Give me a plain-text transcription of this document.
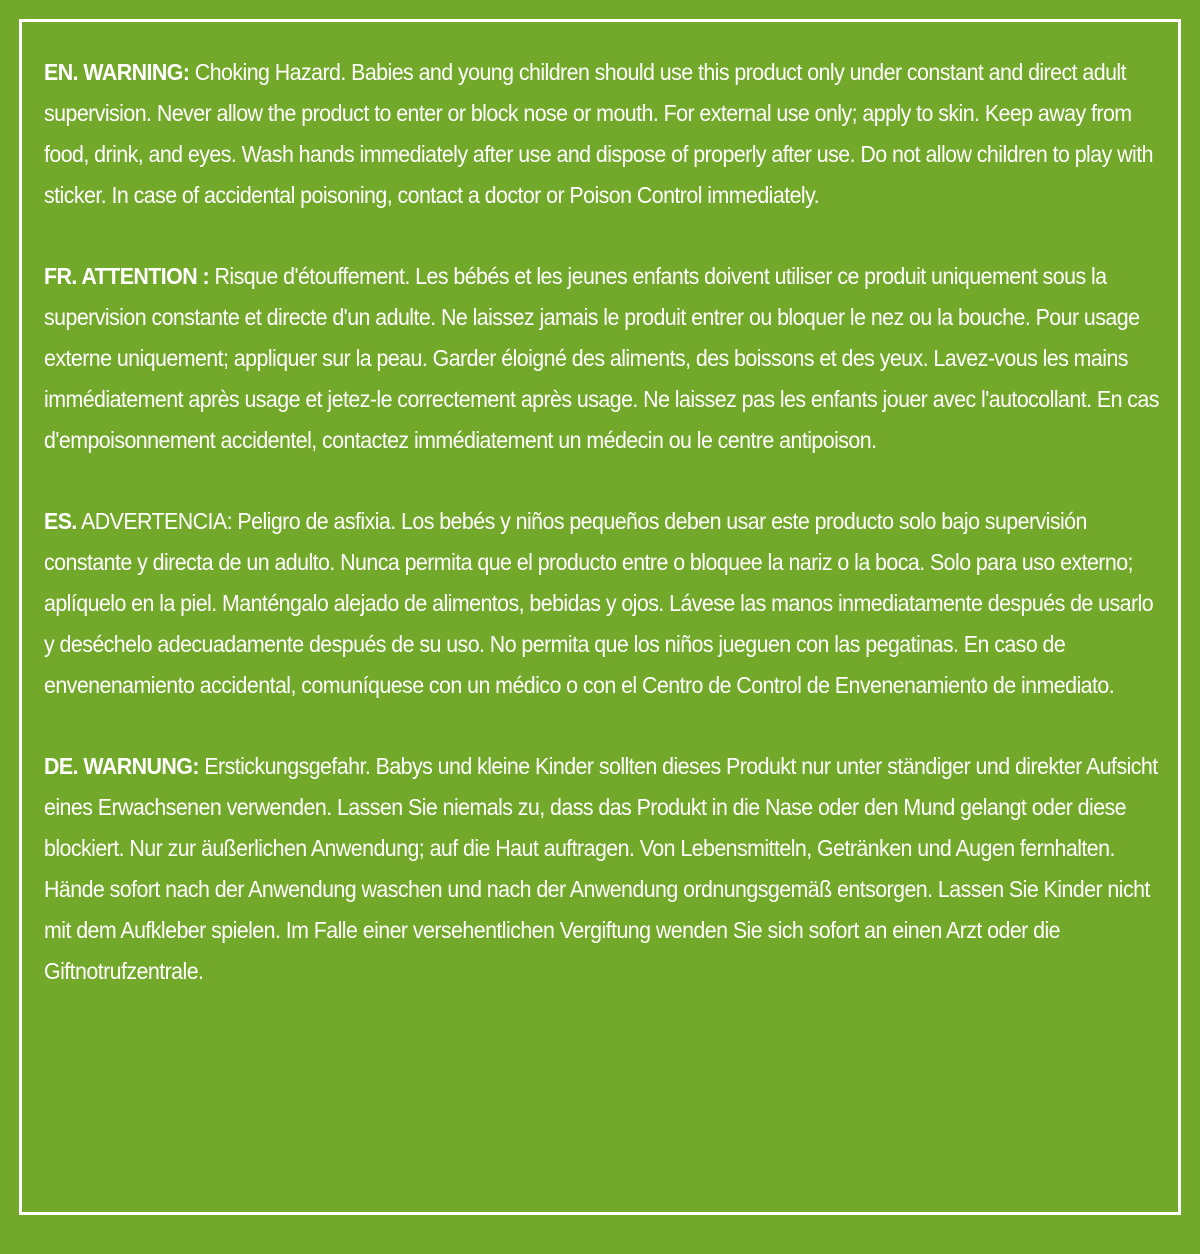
EN. WARNING: Choking Hazard. Babies and young children should use this product only under constant and direct adult supervision. Never allow the product to enter or block nose or mouth. For external use only; apply to skin. Keep away from food, drink, and eyes. Wash hands immediately after use and dispose of properly after use. Do not allow children to play with sticker. In case of accidental poisoning, contact a doctor or Poison Control immediately.

FR. ATTENTION : Risque d'étouffement. Les bébés et les jeunes enfants doivent utiliser ce produit uniquement sous la supervision constante et directe d'un adulte. Ne laissez jamais le produit entrer ou bloquer le nez ou la bouche. Pour usage externe uniquement; appliquer sur la peau. Garder éloigné des aliments, des boissons et des yeux. Lavez-vous les mains immédiatement après usage et jetez-le correctement après usage. Ne laissez pas les enfants jouer avec l'autocollant. En cas d'empoisonnement accidentel, contactez immédiatement un médecin ou le centre antipoison.

ES. ADVERTENCIA: Peligro de asfixia. Los bebés y niños pequeños deben usar este producto solo bajo supervisión constante y directa de un adulto. Nunca permita que el producto entre o bloquee la nariz o la boca. Solo para uso externo; aplíquelo en la piel. Manténgalo alejado de alimentos, bebidas y ojos. Lávese las manos inmediatamente después de usarlo y deséchelo adecuadamente después de su uso. No permita que los niños jueguen con las pegatinas. En caso de envenenamiento accidental, comuníquese con un médico o con el Centro de Control de Envenenamiento de inmediato.

DE. WARNUNG: Erstickungsgefahr. Babys und kleine Kinder sollten dieses Produkt nur unter ständiger und direkter Aufsicht eines Erwachsenen verwenden. Lassen Sie niemals zu, dass das Produkt in die Nase oder den Mund gelangt oder diese blockiert. Nur zur äußerlichen Anwendung; auf die Haut auftragen. Von Lebensmitteln, Getränken und Augen fernhalten. Hände sofort nach der Anwendung waschen und nach der Anwendung ordnungsgemäß entsorgen. Lassen Sie Kinder nicht mit dem Aufkleber spielen. Im Falle einer versehentlichen Vergiftung wenden Sie sich sofort an einen Arzt oder die Giftnotrufzentrale.
